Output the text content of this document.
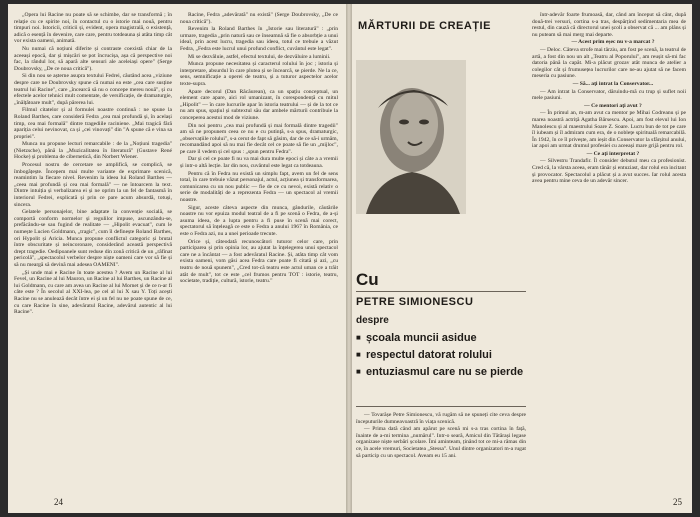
„Opera lui Racine nu poate să se schimbe, dar se transformă ; în relație cu ce spirite noi, în contactul cu o istorie mai nouă, pentru timpuri noi. Istoricii, criticii și, evident, opera magistrală, o existență, adică o esență în devenire, care care, pentru totdeauna și atâta timp cât vor exista oameni, animată.

Nu numai că noțiuni diferite și contraste coexistă chiar de la aceeași epocă, dar și mișcări se pot încrucișa, așa că perspective noi fac, la rândul lor, să apară alte sensuri ale aceleiași opere" (Serge Doubrovsky, „De ce noua critică").

Si din nou se așterne asupra textului Fedrei, căutând acea „viziune despre care ne Doubrovsky spune că numai ea este „cea care susține teatrul lui Racine", care „încearcă să nu o concepe mereu nouă", și cu efectele acelor tehnici mult comentate, de versificație, de dramaturgie, „înălțătoare mult", după părerea lui.

Filmul citatelor și al formulei noastre continuă : ne spune la Roland Barthes, care consideră Fedra „cea mai profundă și, în același timp, cea mai formală" dintre tragediile raciniene. „Mai tragică fără apariția celui nevinovat, ca și „cei vinovați" din "A spune că e vina sa propriei".

Munca nu propune lecturi remarcabile : de la „Noțiuni tragedia" (Nietzsche), până la „Muzicalitatea în literatură" (Gustave René Hocke) și problema de cibernetică, din Norbert Wiener.

Procesul nostru de cercetare se amplifică, se complică, se îmbogățește. Începem mai multe variante de exprimare scenică, reamintim la fiecare nivel. Revenim la ideea lui Roland Barthes — „ceea mai profundă și cea mai formală" — ne întoarcem la text. Dintre intuiția și verbalizarea ei și ne oprim la un fel de fantasmă în interiorul Fedrei, explicată și prin ce pare acum absurdă, totuși, sincera.

Gelatele personajelor, bine adaptate la convenție socială, se comportă conform normelor și regulilor impuse, ascunzându-se, prefăcându-se sau fugind de realitate — „Hipolit evacuat", cum le numește Lucien Goldmann, „tragic", cum îl definește Roland Barthes, ori Hypolit și Aricia. Munca propune conflictul categoric și brutal între obscuritate și neincoronare, considerând această perspectivă drept tragedie. Oedipoanele sunt reduse din zonă critică de un „răfinat pericolă", „spectacolul verbelor despre niște oameni care vor să fie și să nu meargă să devină mai adesea OAMENI".

„Și unde mai e Racine în toate acestea ? Avem un Racine al lui Fevel, un Racine al lui Mauron, un Racine al lui Barthes, un Racine al lui Goldmann, cu care am avea un Racine al lui Mornet și de ce n-ar fi câte este ? În secolul al XXI-lea, pe cel al lui X sau Y. Toți acești Racine nu se anulează decât între ei și un fel nu ne poate spune de ce, cu care Racine în sine, adevăratul Racine, adevărul autentic al lui Racine".

Racine, Fedra „adevărată" nu există" (Serge Doubrovsky, „De ce noua critică").

Revenim la Roland Barthes în „Istorie sau literatură" : „prin urmare, tragedia „prin natură sau ce înseamnă să fie o absorbție a unui ideal, prin acest lucru, tragedia sau ideea, totul ce trebuie a văzut Fedra, „Fedra este lucrul unui profund conflict, cuvântul este legat".

Mi se dezvăluie, astfel, efectul textului, de dezvăluire a luminii.

Munca propune necesitatea și caracterul rolului în joc ; istoria și interpretare, absurdul în care plutea și se încearcă, se pierde. Ne la ce, sens, semnificație a operei de teatru, și a tuturor aspectelor acelor texte-supra.

Apare decorul (Dan Răcăurean), ca un spațiu conceptual, un element care apare, aici rol umanizant, în corespondență cu mitul „Hipolit" — în care lucrurile apar în istoria teatrului — și de la tot ce nu am spus, spațiul și subtextul său dar ambele mărturii contribuie la conceperea acestui mod de viziune.

Din noi pentru „cea mai profundă și mai formală dintre tragedii" am să ne propunem ceea ce nu e cu putință, s-a spus, dramaturgic, „observațiile rolului", s-a cerut de fapt să găsim, dar de ce să-i urmăm, recomandând apoi să nu mai fie decât cel ce poate să fie un „mijloc", pe care il vedem și cel spus : „spun pentru Fedra".

Dar și cel ce poate fi nu va mai dura multe epoci și câte a a vremii și intr-o altă lecție. Iar din nou, cuvântul este legat ca totdeauna.

Pentru că în Fedra nu există un simplu fapt, avem un fel de sens total, în care trebuie văzut personajul, actul, acțiunea și transformarea, comunicarea cu un nou public — fie de ce cu nevoi, există relativ o serie de modalități de a reprezenta Fedra — un spectacol al vremii noastre.

Sigur, aceste câteva aspecte din munca, gândurile, căutările noastre nu vor epuiza modul teatral de a fi pe scenă o Fedra, de a-și asuma ideea, de a lupta pentru a fi puse în scenă mai corect, spectatorul să înțeleagă ce este o Fedra a anului 1967 în România, ce este o Fedra azi, nu a unei perioade trecute.

Orice și, câteodată recunoscători tuturor celor care, prin participarea și prin opinia lor, au ajutat la înțelegerea unui spectacol care ne a încântat — a fost adevăratul Racine. Și, atâta timp cât vom exista oameni, vom găsi acea Fedra care poate fi citată și azi, „cu teatru de nouă spunem", „Cred tot-că teatru este actul uman ce a trăit atât de mult", tot ce este „cel frumos pentru TOT : istorie, teatru, societate, tradiție, cultură, istorie, teatru."

24
MĂRTURII DE CREAȚIE
Cu
PETRE SIMIONESCU
despre
■ școala muncii asidue
■ respectul datorat rolului
■ entuziasmul care nu se pierde

— Tovarășe Petre Simionescu, vă rugăm să ne spuneți cite ceva despre începuturile dumneavoastră în viața scenică.

— Prima dată când am apărut pe scenă mi s-a tras cortina în față, înainte de a-mi termina „numărul". Intr-o seară, Amicul din Tătărași legase organizase niște serbări școlare. Îmi aminteam, ținând tot ce mi-a rămas din ce, în acele vremuri, Societatea „Stessa". Unul dintre organizatori m-a rugat să particip cu un spectacol. Aveam eu 15 ani.

într-adevăr foarte frumoasă, dar, când am început să cânt, după două-trei versuri, cortina s-a tras, despărțind sedimentaria mea de restul, din cauză că directorul unei școli a observat că ... am plâns și nu puteam să mai merg mai departe.

— Acest prim eșec nu v-a marcat ?

— Deloc. Câteva strofe mai târziu, am fost pe scenă, la teatrul de artă, a fost din nou un alt „Teatru al Poporului", am reușit să-mi fac datoria până la capăt. Mi-a plăcut grozav atât munca de atelier a colegilor cât și frumusețea lucrurilor care ne-au ajutat să ne facem meseria cu pasiune.

— Să... aţi intrat la Conservator...

— Am intrat la Conservator, dăruindu-mă cu trup și suflet noii mele pasiuni.

— Ce mentori aţi avut ?

— În primul an, m-am avut ca mentor pe Mihai Codreanu și pe marea noastră actriță Agatha Bârsescu. Apoi, am fost elevul lui Ion Manolescu și al maestrului Soare Z. Soare. Lucru bun de tot pe care îl iubeam și îl admiram cum era, de o noblețe spirituală remarcabilă. În 1942, în ce îl privește, am ieșit din Conservator la sfârșitul anului, iar apoi am urmat drumul profesiei cu aceeași mare grijă pentru rol.

— Ce aţi interpretat ?

— Silvestru Trandafir. Îl consider debutul meu ca profesionist. Cred că, la vârsta aceea, eram tânăr și entuziast, dar rolul era incitant și provocator. Spectacolul a plăcut și a avut succes. Iar rolul acesta avea pentru mine ceva de un adevăr sincer.

25
